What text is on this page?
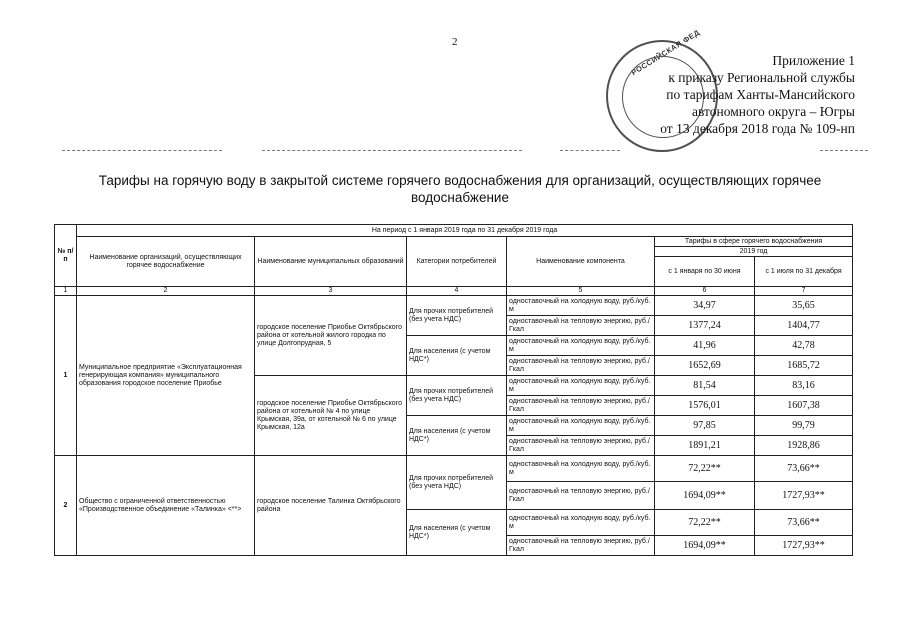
2	РОССИЙСКАЯ ФЕД	Приложение 1
к приказу Региональной службы
по тарифам Ханты-Мансийского
автономного округа – Югры
от 13 декабря 2018 года № 109-нп
Тарифы на горячую воду в закрытой системе горячего водоснабжения для организаций, осуществляющих горячее
водоснабжение
№ п/п	На период с 1 января 2019 года по 31 декабря 2019 года					
	Наименование организаций, осуществляющих горячее водоснабжение	Наименование муниципальных образований	Категории потребителей	Наименование компонента	Тарифы в сфере горячего водоснабжения	
					2019 год	
					с 1 января по 30 июня	с 1 июля по 31 декабря
1	2	3	4	5	6	7
1	Муниципальное предприятие «Эксплуатационная генерирующая компания» муниципального образования городское поселение Приобье	городское поселение Приобье Октябрьского района от котельной жилого городка по улице Долгопрудная, 5	Для прочих потребителей (без учета НДС)	одноставочный на холодную воду, руб./куб. м	34,97	35,65
				одноставочный на тепловую энергию, руб./ Гкал	1377,24	1404,77
			Для населения (с учетом НДС*)	одноставочный на холодную воду, руб./куб. м	41,96	42,78
				одноставочный на тепловую энергию, руб./ Гкал	1652,69	1685,72
		городское поселение Приобье Октябрьского района от котельной № 4 по улице Крымская, 39а, от котельной № 6 по улице Крымская, 12а	Для прочих потребителей (без учета НДС)	одноставочный на холодную воду, руб./куб. м	81,54	83,16
				одноставочный на тепловую энергию, руб./ Гкал	1576,01	1607,38
			Для населения (с учетом НДС*)	одноставочный на холодную воду, руб./куб. м	97,85	99,79
				одноставочный на тепловую энергию, руб./ Гкал	1891,21	1928,86
2	Общество с ограниченной ответственностью «Производственное объединение «Талинка» <**>	городское поселение Талинка Октябрьского района	Для прочих потребителей (без учета НДС)	одноставочный на холодную воду, руб./куб. м	72,22**	73,66**
				одноставочный на тепловую энергию, руб./ Гкал	1694,09**	1727,93**
			Для населения (с учетом НДС*)	одноставочный на холодную воду, руб./куб. м	72,22**	73,66**
				одноставочный на тепловую энергию, руб./ Гкал	1694,09**	1727,93**
